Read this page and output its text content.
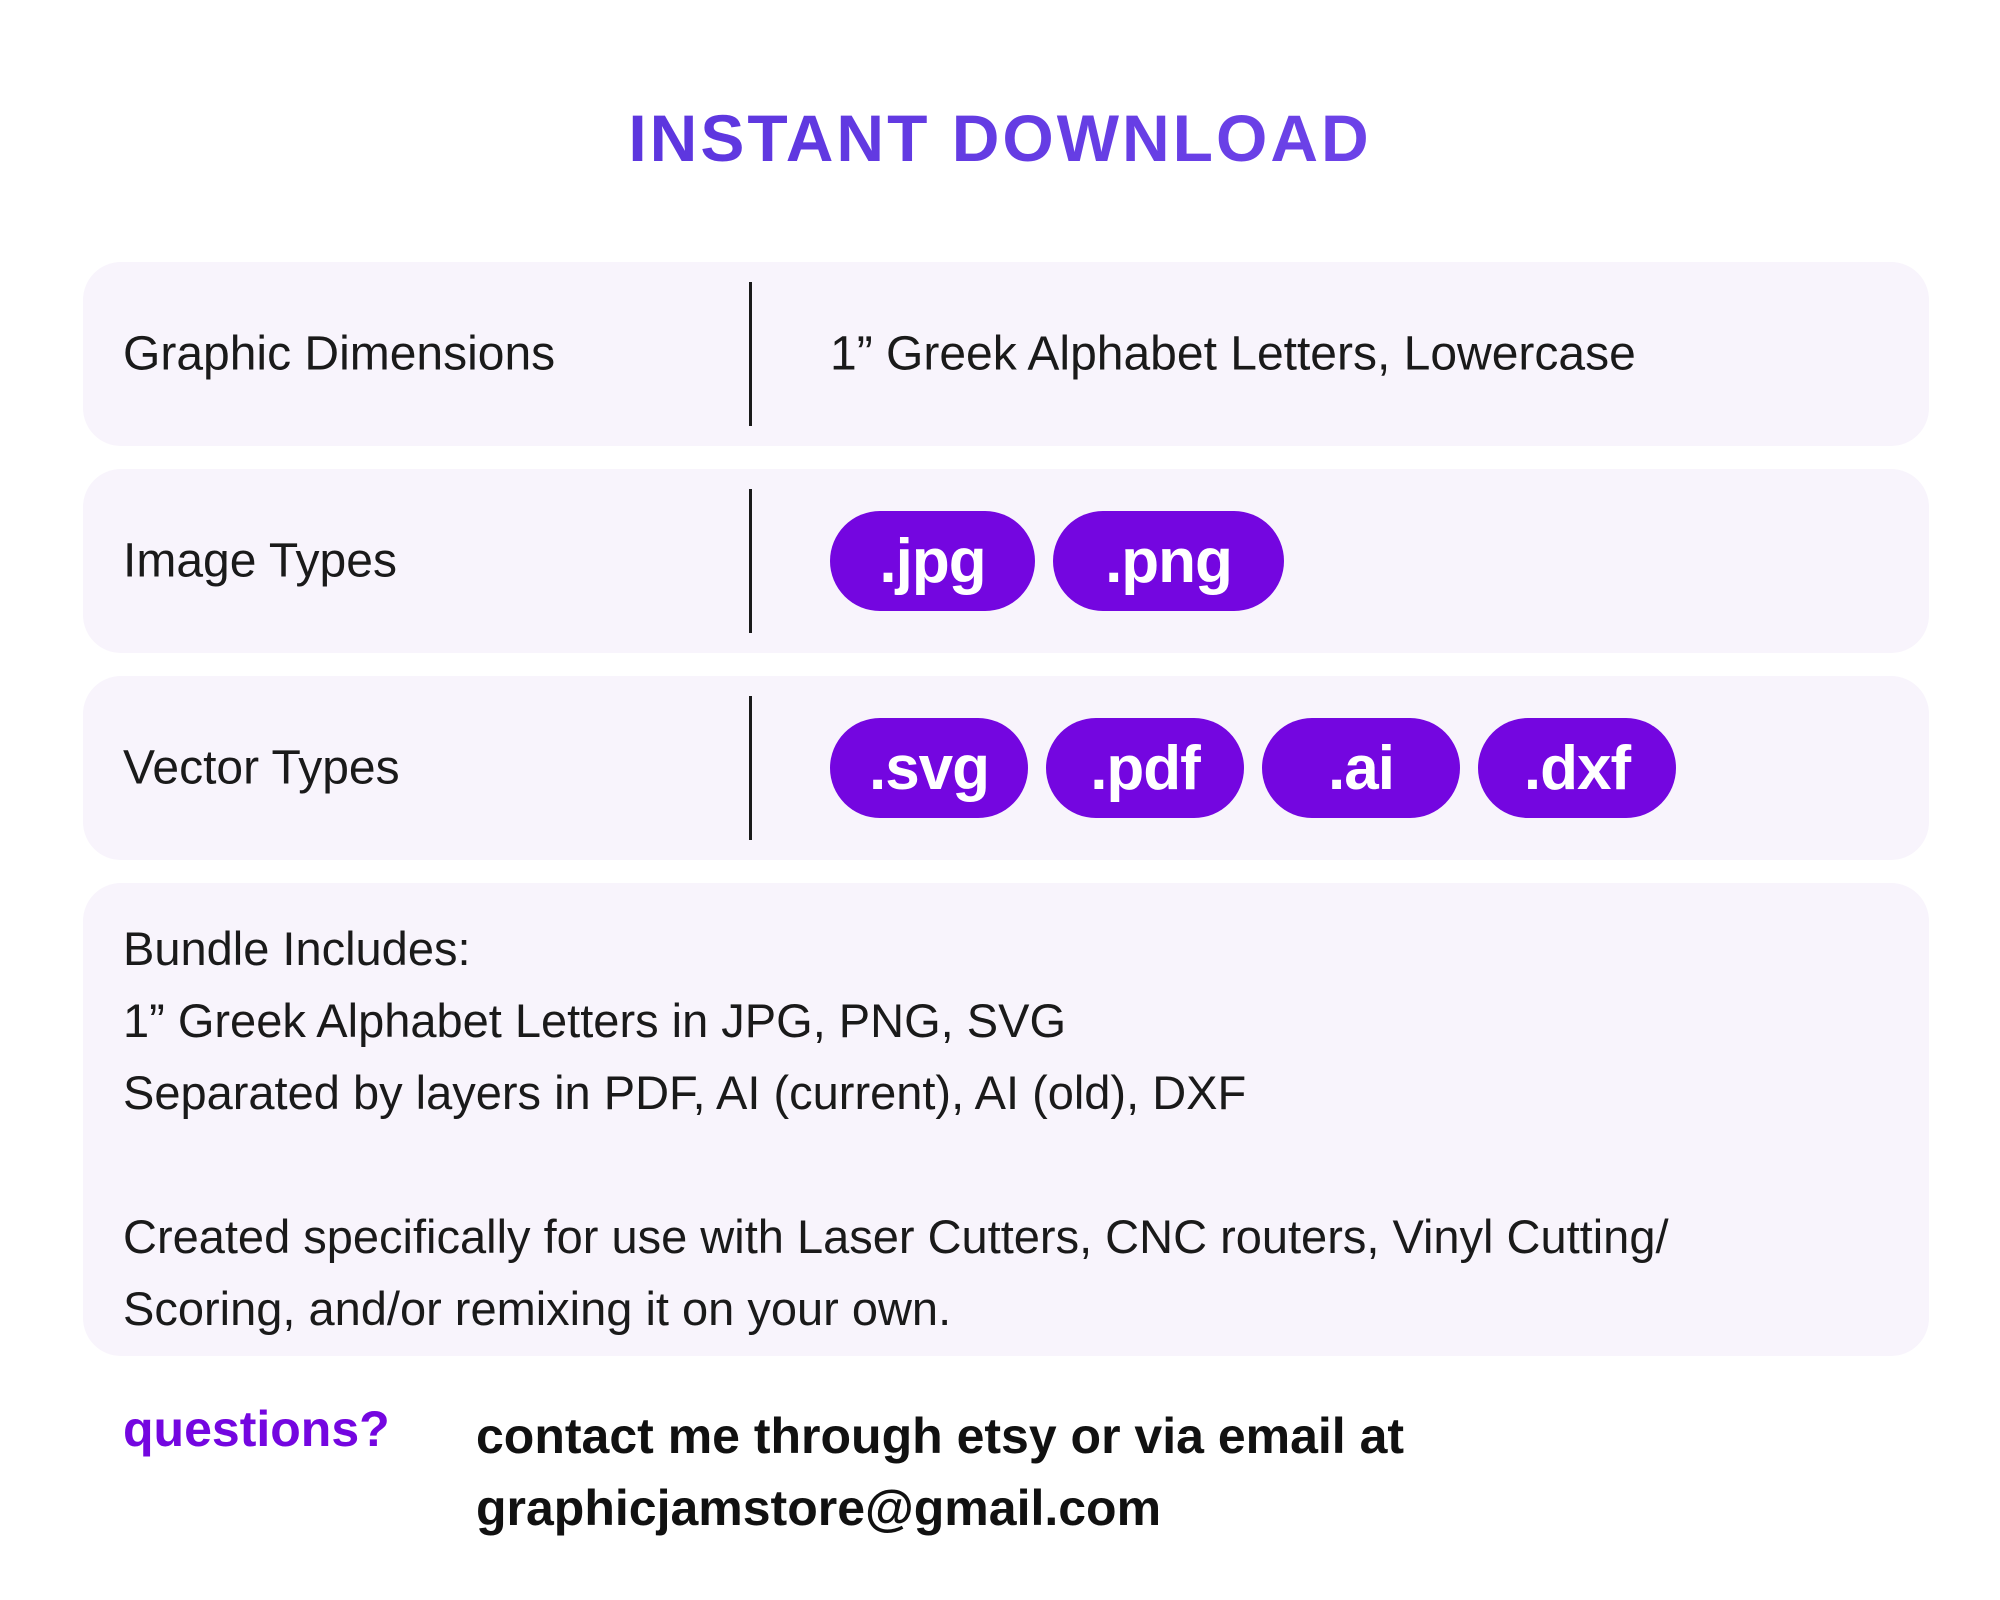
INSTANT DOWNLOAD
Graphic Dimensions	1” Greek Alphabet Letters, Lowercase
Image Types	.jpg	.png
Vector Types	.svg	.pdf	.ai	.dxf
Bundle Includes:
1” Greek Alphabet Letters in JPG, PNG, SVG
Separated by layers in PDF, AI (current), AI (old), DXF
Created specifically for use with Laser Cutters, CNC routers, Vinyl Cutting/
Scoring, and/or remixing it on your own.
questions? contact me through etsy or via email at
graphicjamstore@gmail.com
